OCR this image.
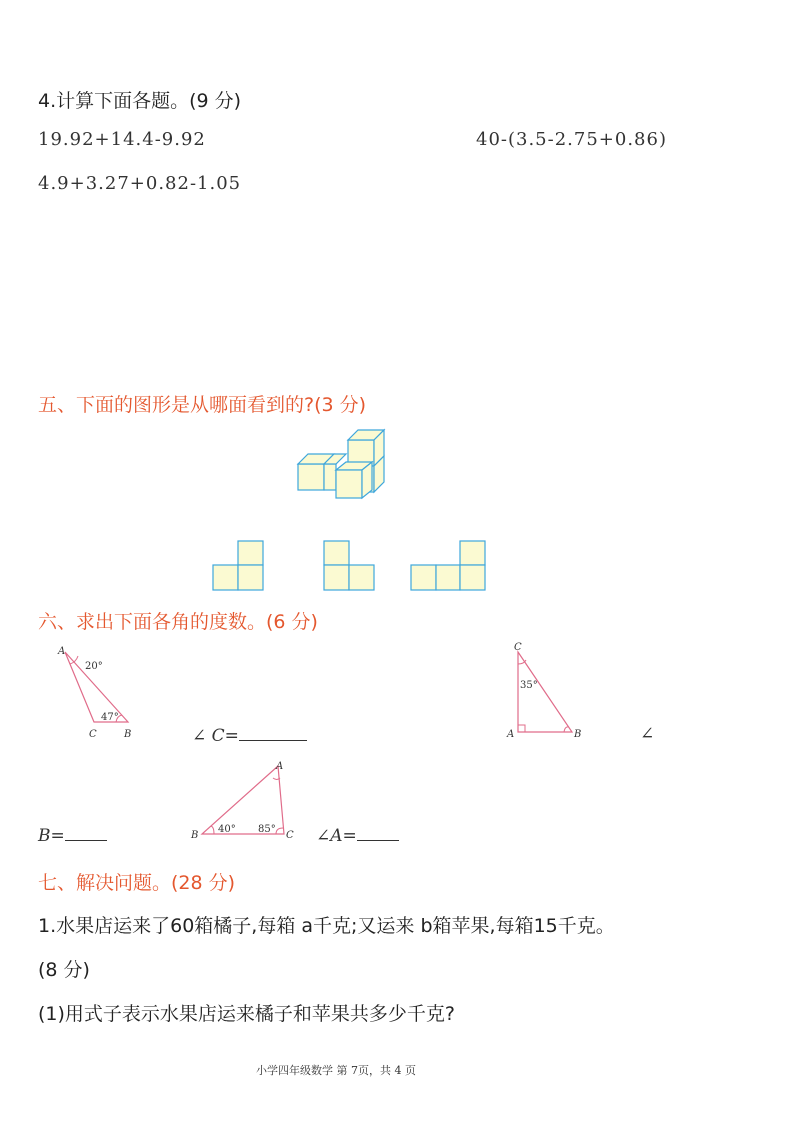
4.计算下面各题。(9 分)
19.92+14.4-9.92	40-(3.5-2.75+0.86)
4.9+3.27+0.82-1.05
五、下面的图形是从哪面看到的?(3 分)
六、求出下面各角的度数。(6 分)
A
20°
47°
C	B	∠ C=
C
35°
A	B	∠
B=
A
40° 85°
B	C ∠A=
七、解决问题。(28 分)
1.水果店运来了60箱橘子,每箱 a千克;又运来 b箱苹果,每箱15千克。
(8 分)
(1)用式子表示水果店运来橘子和苹果共多少千克?
小学四年级数学 第 7页，共 4 页
